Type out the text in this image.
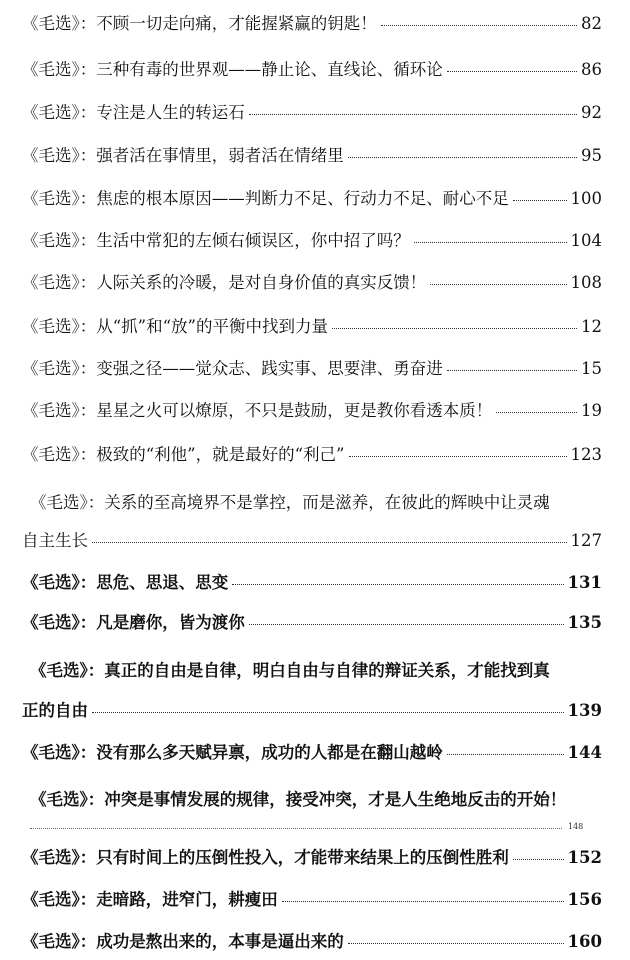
《毛选》：不顾一切走向痛，才能握紧赢的钥匙！	82
《毛选》：三种有毒的世界观——静止论、直线论、循环论	86
《毛选》：专注是人生的转运石	92
《毛选》：强者活在事情里，弱者活在情绪里	95
《毛选》：焦虑的根本原因——判断力不足、行动力不足、耐心不足	100
《毛选》：生活中常犯的左倾右倾误区，你中招了吗？	104
《毛选》：人际关系的冷暖，是对自身价值的真实反馈！	108
《毛选》：从“抓”和“放”的平衡中找到力量	12
《毛选》：变强之径——觉众志、践实事、思要津、勇奋进	15
《毛选》：星星之火可以燎原，不只是鼓励，更是教你看透本质！	19
《毛选》：极致的“利他”，就是最好的“利己”	123
《毛选》：关系的至高境界不是掌控，而是滋养，在彼此的辉映中让灵魂
自主生长	127
《毛选》：思危、思退、思变	131
《毛选》：凡是磨你，皆为渡你	135
《毛选》：真正的自由是自律，明白自由与自律的辩证关系，才能找到真
正的自由	139
《毛选》：没有那么多天赋异禀，成功的人都是在翻山越岭	144
《毛选》：冲突是事情发展的规律，接受冲突，才是人生绝地反击的开始！
148
《毛选》：只有时间上的压倒性投入，才能带来结果上的压倒性胜利	152
《毛选》：走暗路，进窄门，耕瘦田	156
《毛选》：成功是熬出来的，本事是逼出来的	160
